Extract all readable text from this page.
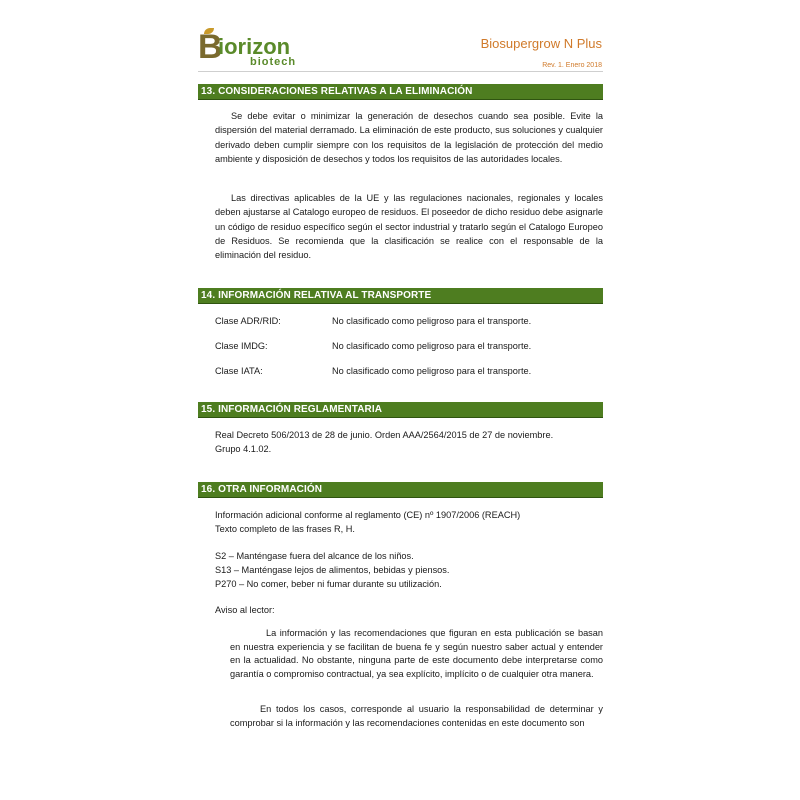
B
iorizon
biotech
Biosupergrow N Plus
Rev. 1. Enero 2018
13. CONSIDERACIONES RELATIVAS A LA ELIMINACIÓN
Se debe evitar o minimizar la generación de desechos cuando sea posible. Evite la dispersión del material derramado. La eliminación de este producto, sus soluciones y cualquier derivado deben cumplir siempre con los requisitos de la legislación de protección del medio ambiente y disposición de desechos y todos los requisitos de las autoridades locales.
Las directivas aplicables de la UE y las regulaciones nacionales, regionales y locales deben ajustarse al Catalogo europeo de residuos. El poseedor de dicho residuo debe asignarle un código de residuo específico según el sector industrial y tratarlo según el Catalogo Europeo de Residuos. Se recomienda que la clasificación se realice con el responsable de la eliminación del residuo.
14. INFORMACIÓN RELATIVA AL TRANSPORTE
Clase ADR/RID:	No clasificado como peligroso para el transporte.
Clase IMDG:	No clasificado como peligroso para el transporte.
Clase IATA:	No clasificado como peligroso para el transporte.
15. INFORMACIÓN REGLAMENTARIA
Real Decreto 506/2013 de 28 de junio. Orden AAA/2564/2015 de 27 de noviembre.
Grupo 4.1.02.
16. OTRA INFORMACIÓN
Información adicional conforme al reglamento (CE) nº 1907/2006 (REACH)
Texto completo de las frases R, H.
S2 – Manténgase fuera del alcance de los niños.
S13 – Manténgase lejos de alimentos, bebidas y piensos.
P270 – No comer, beber ni fumar durante su utilización.
Aviso al lector:
La información y las recomendaciones que figuran en esta publicación se basan en nuestra experiencia y se facilitan de buena fe y según nuestro saber actual y entender en la actualidad. No obstante, ninguna parte de este documento debe interpretarse como garantía o compromiso contractual, ya sea explícito, implícito o de cualquier otra manera.
En todos los casos, corresponde al usuario la responsabilidad de determinar y comprobar si la información y las recomendaciones contenidas en este documento son
